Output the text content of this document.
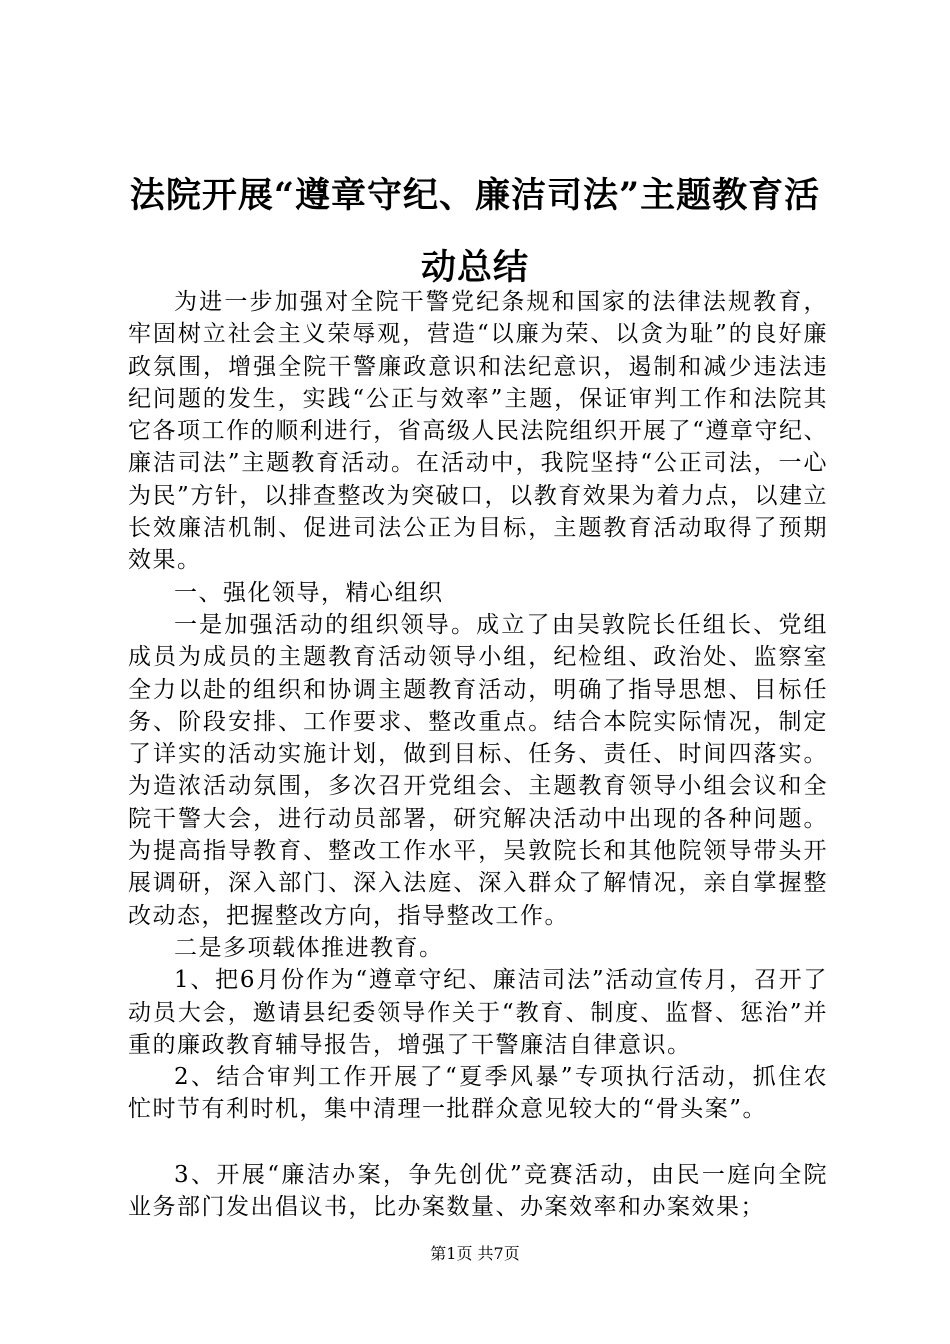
法院开展“遵章守纪、廉洁司法”主题教育活
动总结

为进一步加强对全院干警党纪条规和国家的法律法规教育，牢固树立社会主义荣辱观，营造“以廉为荣、以贪为耻”的良好廉政氛围，增强全院干警廉政意识和法纪意识，遏制和减少违法违纪问题的发生，实践“公正与效率”主题，保证审判工作和法院其它各项工作的顺利进行，省高级人民法院组织开展了“遵章守纪、廉洁司法”主题教育活动。在活动中，我院坚持“公正司法，一心为民”方针，以排查整改为突破口，以教育效果为着力点，以建立长效廉洁机制、促进司法公正为目标，主题教育活动取得了预期效果。

一、强化领导，精心组织

一是加强活动的组织领导。成立了由吴敦院长任组长、党组成员为成员的主题教育活动领导小组，纪检组、政治处、监察室全力以赴的组织和协调主题教育活动，明确了指导思想、目标任务、阶段安排、工作要求、整改重点。结合本院实际情况，制定了详实的活动实施计划，做到目标、任务、责任、时间四落实。为造浓活动氛围，多次召开党组会、主题教育领导小组会议和全院干警大会，进行动员部署，研究解决活动中出现的各种问题。为提高指导教育、整改工作水平，吴敦院长和其他院领导带头开展调研，深入部门、深入法庭、深入群众了解情况，亲自掌握整改动态，把握整改方向，指导整改工作。

二是多项载体推进教育。

1、把6月份作为“遵章守纪、廉洁司法”活动宣传月，召开了动员大会，邀请县纪委领导作关于“教育、制度、监督、惩治”并重的廉政教育辅导报告，增强了干警廉洁自律意识。

2、结合审判工作开展了“夏季风暴”专项执行活动，抓住农忙时节有利时机，集中清理一批群众意见较大的“骨头案”。

3、开展“廉洁办案，争先创优”竞赛活动，由民一庭向全院业务部门发出倡议书，比办案数量、办案效率和办案效果；

第1页 共7页
